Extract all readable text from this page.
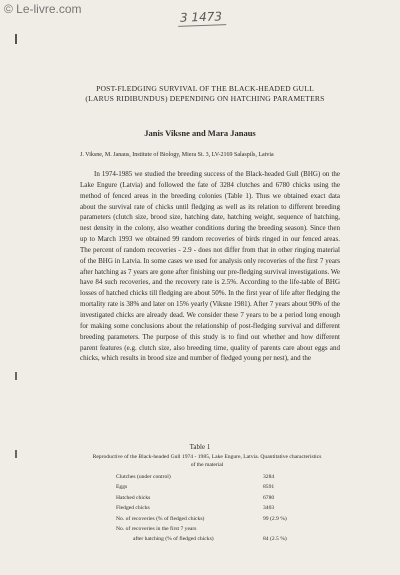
© Le-livre.com
3 1473
POST-FLEDGING SURVIVAL OF THE BLACK-HEADED GULL
(LARUS RIDIBUNDUS) DEPENDING ON HATCHING PARAMETERS
Janis Viksne and Mara Janaus
J. Viksne, M. Janaus, Institute of Biology, Miera St. 3, LV-2169 Salaspils, Latvia
In 1974-1985 we studied the breeding success of the Black-headed Gull (BHG) on the Lake Engure (Latvia) and followed the fate of 3284 clutches and 6780 chicks using the method of fenced areas in the breeding colonies (Table 1). Thus we obtained exact data about the survival rate of chicks until fledging as well as its relation to different breeding parameters (clutch size, brood size, hatching date, hatching weight, sequence of hatching, nest density in the colony, also weather conditions during the breeding season). Since then up to March 1993 we obtained 99 random recoveries of birds ringed in our fenced areas. The percent of random recoveries - 2.9 - does not differ from that in other ringing material of the BHG in Latvia. In some cases we used for analysis only recoveries of the first 7 years after hatching as 7 years are gone after finishing our pre-fledging survival investigations. We have 84 such recoveries, and the recovery rate is 2.5%. According to the life-table of BHG losses of hatched chicks till fledging are about 50%. In the first year of life after fledging the mortality rate is 38% and later on 15% yearly (Viksne 1981). After 7 years about 90% of the investigated chicks are already dead. We consider these 7 years to be a period long enough for making some conclusions about the relationship of post-fledging survival and different breeding parameters. The purpose of this study is to find out whether and how different parent features (e.g. clutch size, also breeding time, quality of parents care about eggs and chicks, which results in brood size and number of fledged young per nest), and the
Table 1
Reproductive of the Black-headed Gull 1974 - 1985, Lake Engure, Latvia. Quantitative characteristics of the material
Clutches (under control)	3284
Eggs	8591
Hatched chicks	6780
Fledged chicks	3403
No. of recoveries (% of fledged chicks)	99 (2.9 %)
No. of recoveries in the first 7 years
after hatching (% of fledged chicks)	84 (2.5 %)
